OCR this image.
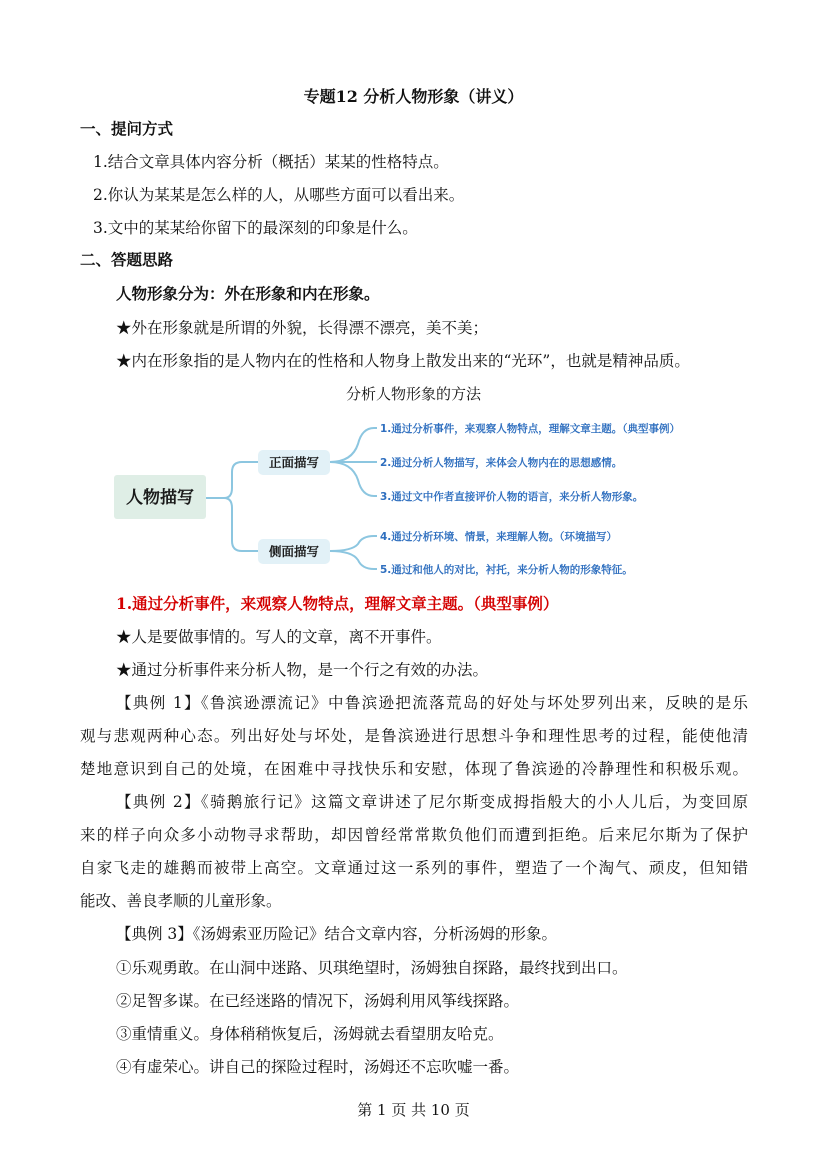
专题12 分析人物形象（讲义）
一、提问方式
1.结合文章具体内容分析（概括）某某的性格特点。
2.你认为某某是怎么样的人，从哪些方面可以看出来。
3.文中的某某给你留下的最深刻的印象是什么。
二、答题思路
人物形象分为：外在形象和内在形象。
★外在形象就是所谓的外貌，长得漂不漂亮，美不美；
★内在形象指的是人物内在的性格和人物身上散发出来的“光环”，也就是精神品质。
分析人物形象的方法
人物描写
正面描写
侧面描写
1.通过分析事件，来观察人物特点，理解文章主题。（典型事例）
2.通过分析人物描写，来体会人物内在的思想感情。
3.通过文中作者直接评价人物的语言，来分析人物形象。
4.通过分析环境、情景，来理解人物。（环境描写）
5.通过和他人的对比，衬托，来分析人物的形象特征。
1.通过分析事件，来观察人物特点，理解文章主题。（典型事例）
★人是要做事情的。写人的文章，离不开事件。
★通过分析事件来分析人物，是一个行之有效的办法。
【典例 1】《鲁滨逊漂流记》中鲁滨逊把流落荒岛的好处与坏处罗列出来，反映的是乐
观与悲观两种心态。列出好处与坏处，是鲁滨逊进行思想斗争和理性思考的过程，能使他清
楚地意识到自己的处境，在困难中寻找快乐和安慰，体现了鲁滨逊的冷静理性和积极乐观。
【典例 2】《骑鹅旅行记》这篇文章讲述了尼尔斯变成拇指般大的小人儿后，为变回原
来的样子向众多小动物寻求帮助，却因曾经常常欺负他们而遭到拒绝。后来尼尔斯为了保护
自家飞走的雄鹅而被带上高空。文章通过这一系列的事件，塑造了一个淘气、顽皮，但知错
能改、善良孝顺的儿童形象。
【典例 3】《汤姆索亚历险记》结合文章内容，分析汤姆的形象。
①乐观勇敢。在山洞中迷路、贝琪绝望时，汤姆独自探路，最终找到出口。
②足智多谋。在已经迷路的情况下，汤姆利用风筝线探路。
③重情重义。身体稍稍恢复后，汤姆就去看望朋友哈克。
④有虚荣心。讲自己的探险过程时，汤姆还不忘吹嘘一番。
第 1 页 共 10 页
